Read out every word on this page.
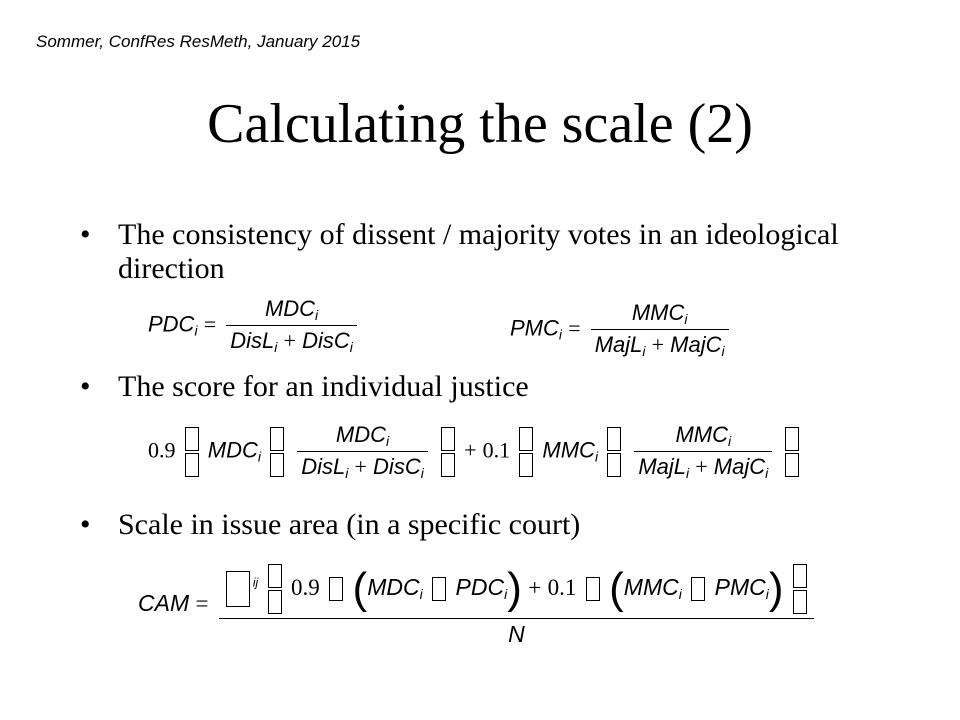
Sommer, ConfRes ResMeth, January 2015
Calculating the scale (2)
• The consistency of dissent / majority votes in an ideological direction
$PDC_i = \frac{MDC_i}{DisL_i + DisC_i}$	$PMC_i = \frac{MMC_i}{MajL_i + MajC_i}$
• The score for an individual justice
0.9 $MDC_i$
$\frac{MDC_i}{DisL_i + DisC_i}$
+ 0.1 $MMC_i$
$\frac{MMC_i}{MajL_i + MajC_i}$

• Scale in issue area (in a specific court)
CAM =
$^{ij}$ 0.9 ($MDC_i$ $PDC_i) + 0.1$ ($MMC_i$ $PMC_i$)
N
